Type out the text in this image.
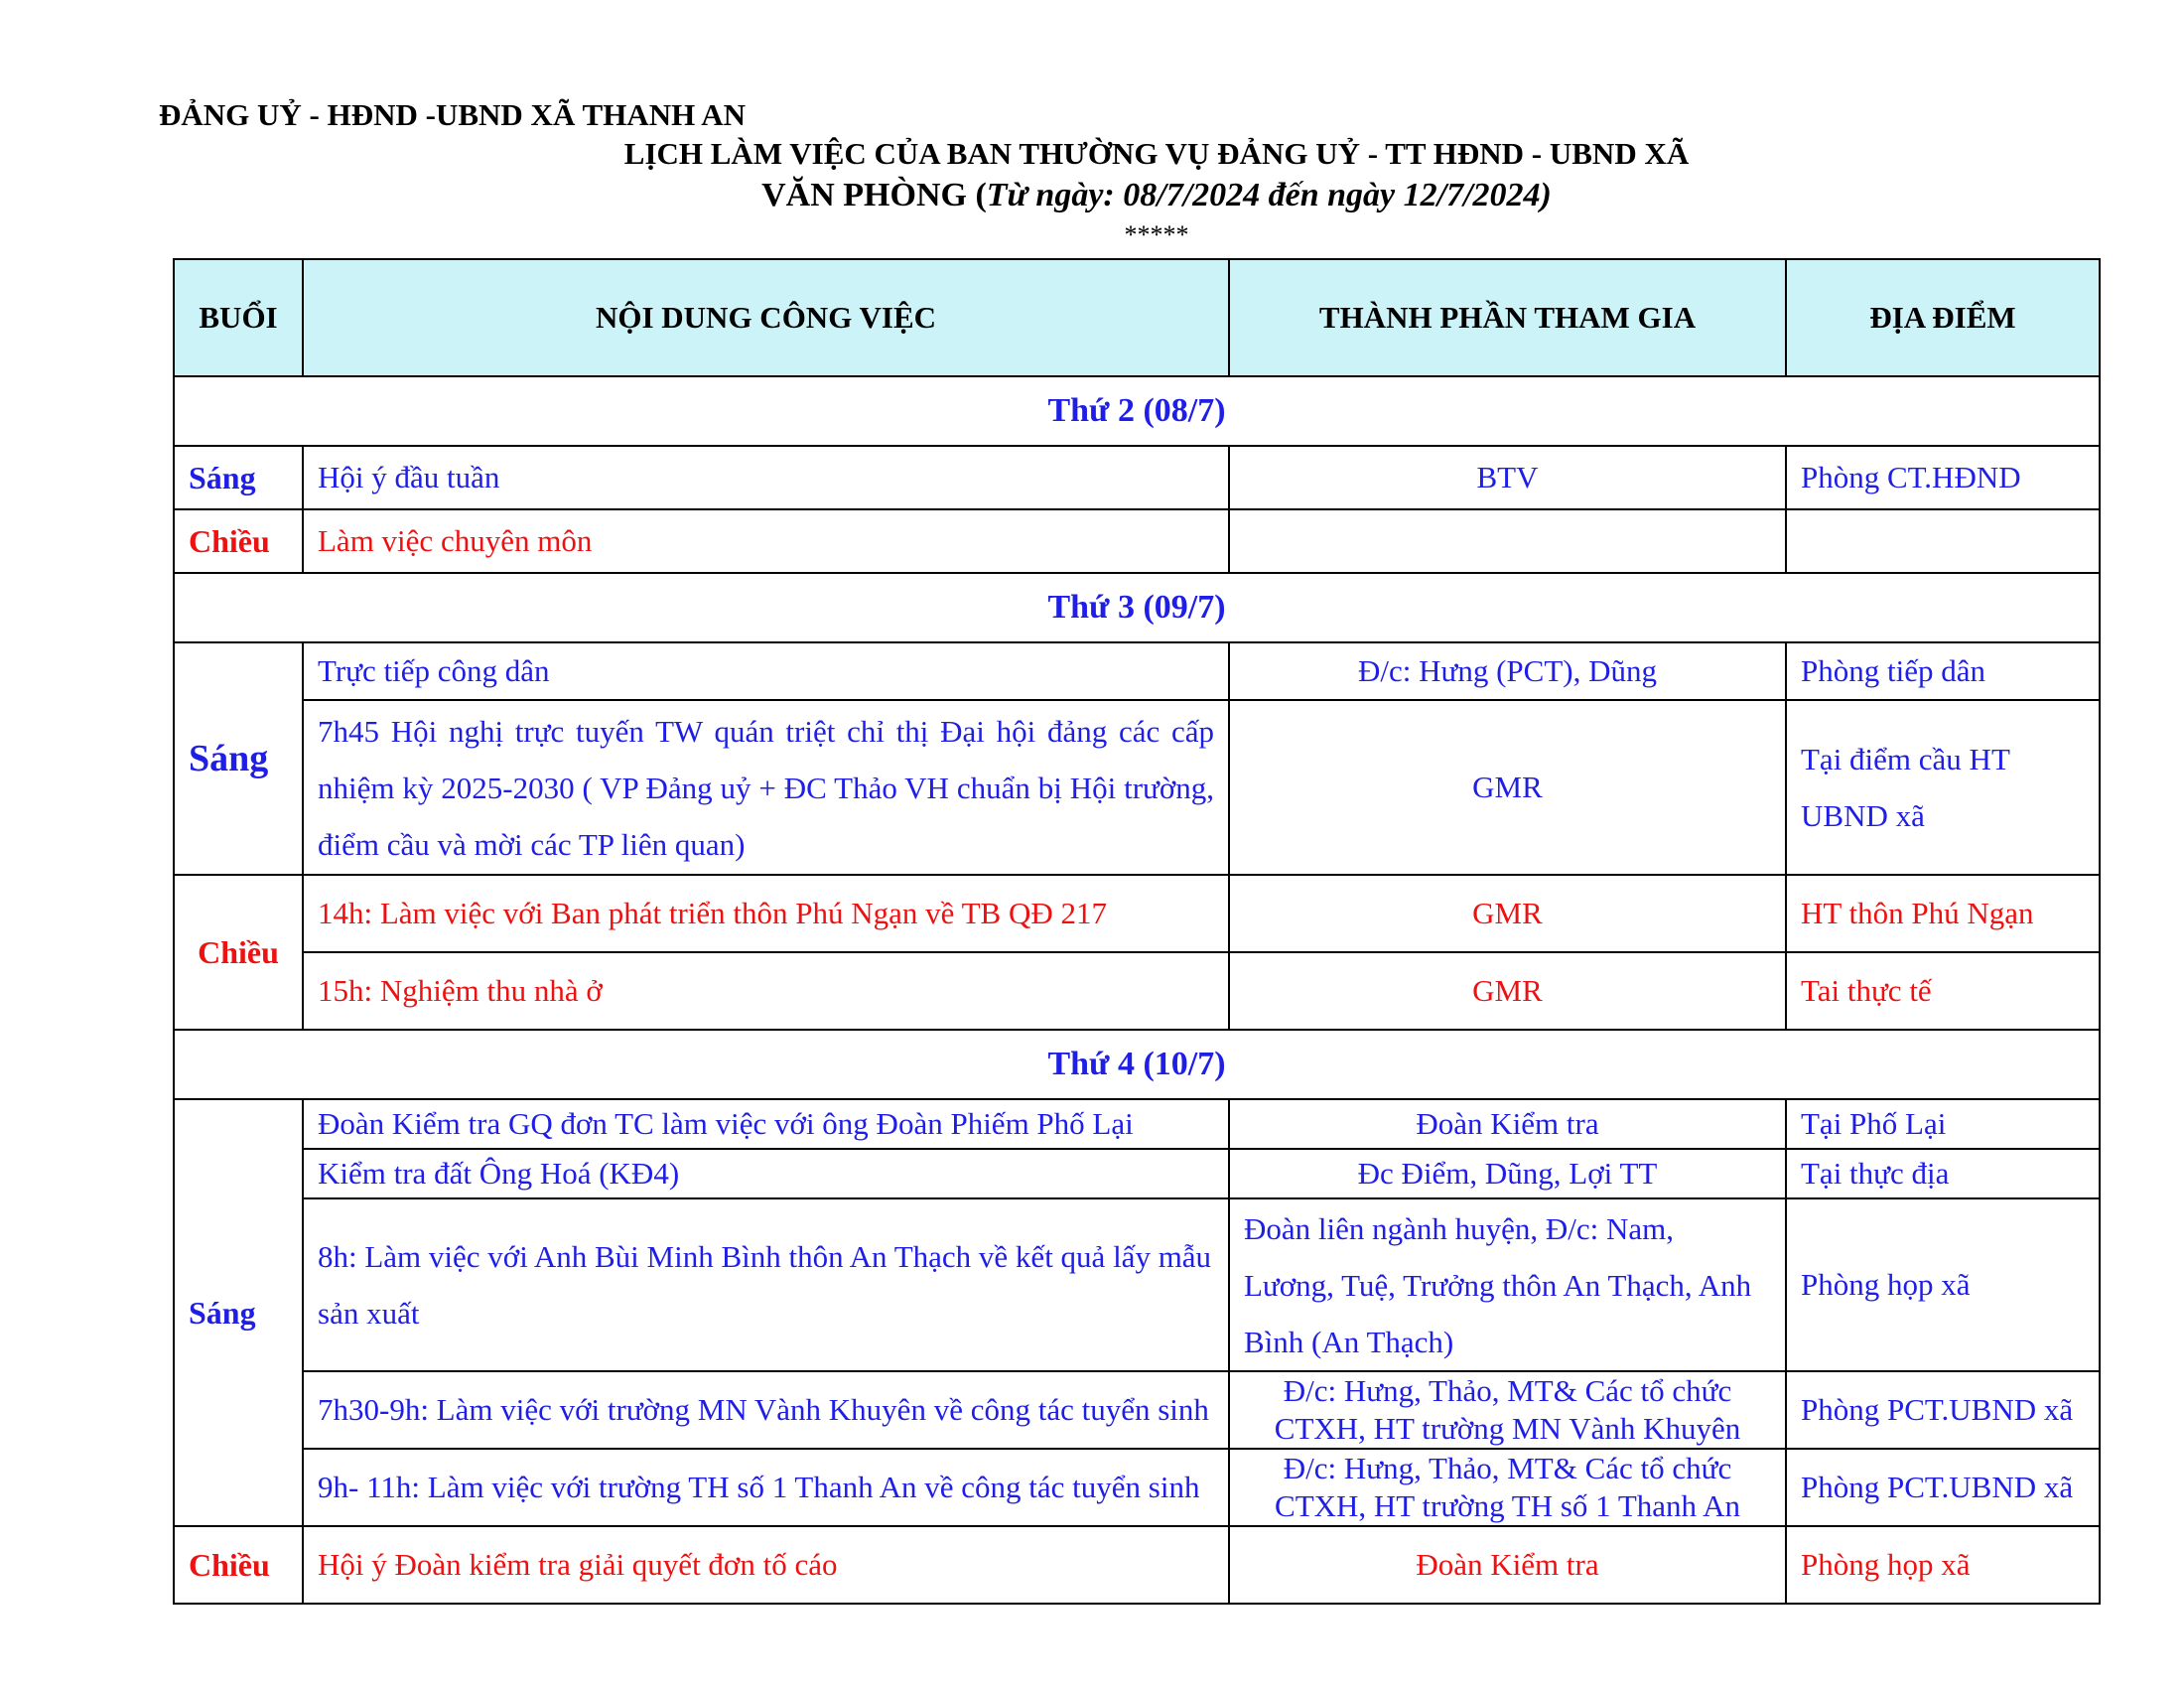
ĐẢNG UỶ - HĐND -UBND XÃ THANH AN
LỊCH LÀM VIỆC CỦA BAN THƯỜNG VỤ ĐẢNG UỶ - TT HĐND - UBND XÃ
VĂN PHÒNG (Từ ngày: 08/7/2024 đến ngày 12/7/2024)
*****
BUỔI	NỘI DUNG CÔNG VIỆC	THÀNH PHẦN THAM GIA	ĐỊA ĐIỂM
Thứ 2 (08/7)			
Sáng	Hội ý đầu tuần	BTV	Phòng CT.HĐND
Chiều	Làm việc chuyên môn		
Thứ 3 (09/7)			
Sáng	Trực tiếp công dân	Đ/c: Hưng (PCT), Dũng	Phòng tiếp dân
	7h45 Hội nghị trực tuyến TW quán triệt chỉ thị Đại hội đảng các cấp nhiệm kỳ 2025-2030 ( VP Đảng uỷ + ĐC Thảo VH chuẩn bị Hội trường, điểm cầu và mời các TP liên quan)	GMR	Tại điểm cầu HT UBND xã
Chiều	14h: Làm việc với Ban phát triển thôn Phú Ngạn về TB QĐ 217	GMR	HT thôn Phú Ngạn
	15h: Nghiệm thu nhà ở	GMR	Tai thực tế
Thứ 4 (10/7)			
Sáng	Đoàn Kiểm tra GQ đơn TC làm việc với ông Đoàn Phiếm Phố Lại	Đoàn Kiểm tra	Tại Phố Lại
	Kiểm tra đất Ông Hoá (KĐ4)	Đc Điểm, Dũng, Lợi TT	Tại thực địa
	8h: Làm việc với Anh Bùi Minh Bình thôn An Thạch về kết quả lấy mẫu sản xuất	Đoàn liên ngành huyện, Đ/c: Nam, Lương, Tuệ, Trưởng thôn An Thạch, Anh Bình (An Thạch)	Phòng họp xã
	7h30-9h: Làm việc với trường MN Vành Khuyên về công tác tuyển sinh	Đ/c: Hưng, Thảo, MT& Các tổ chức CTXH, HT trường MN Vành Khuyên	Phòng PCT.UBND xã
	9h- 11h: Làm việc với trường TH số 1 Thanh An về công tác tuyển sinh	Đ/c: Hưng, Thảo, MT& Các tổ chức CTXH, HT trường TH số 1 Thanh An	Phòng PCT.UBND xã
Chiều	Hội ý Đoàn kiểm tra giải quyết đơn tố cáo	Đoàn Kiểm tra	Phòng họp xã
